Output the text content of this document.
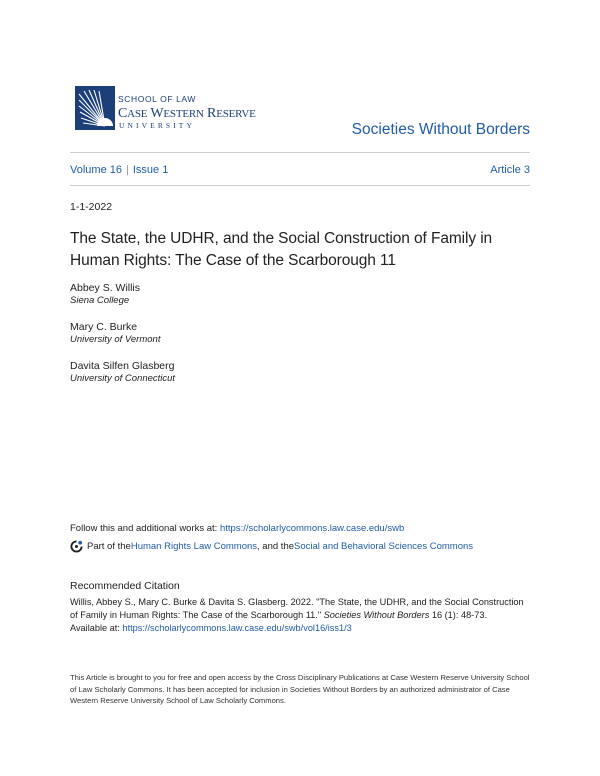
SCHOOL OF LAW
CASE WESTERN RESERVE
UNIVERSITY	Societies Without Borders
Volume 16 | Issue 1	Article 3
1-1-2022
The State, the UDHR, and the Social Construction of Family in Human Rights: The Case of the Scarborough 11
Abbey S. Willis
Siena College
Mary C. Burke
University of Vermont
Davita Silfen Glasberg
University of Connecticut
Follow this and additional works at: https://scholarlycommons.law.case.edu/swb
Part of the Human Rights Law Commons , and the Social and Behavioral Sciences Commons
Recommended Citation
Willis, Abbey S., Mary C. Burke & Davita S. Glasberg. 2022. "The State, the UDHR, and the Social Construction of Family in Human Rights: The Case of the Scarborough 11." Societies Without Borders 16 (1): 48-73.
Available at: https://scholarlycommons.law.case.edu/swb/vol16/iss1/3
This Article is brought to you for free and open access by the Cross Disciplinary Publications at Case Western Reserve University School of Law Scholarly Commons. It has been accepted for inclusion in Societies Without Borders by an authorized administrator of Case Western Reserve University School of Law Scholarly Commons.
